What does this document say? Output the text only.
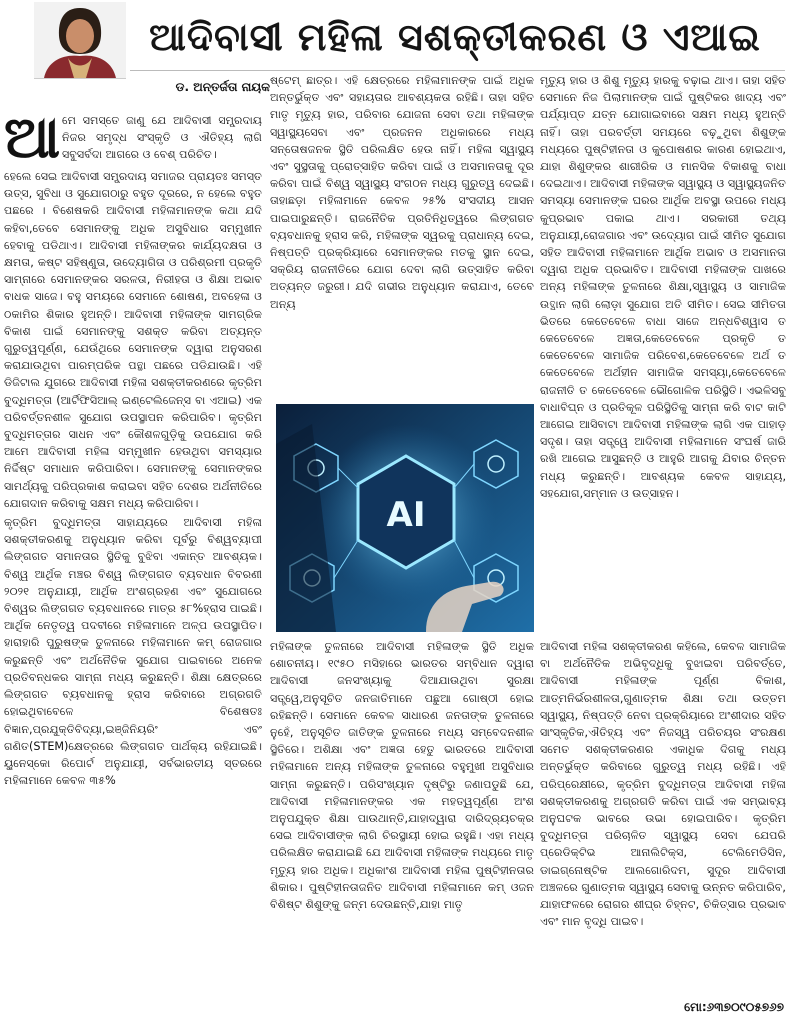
ଆଦିବାସୀ ମହିଳା ସଶକ୍ତୀକରଣ ଓ ଏଆଇ
ଡ. ଅନ୍ତର୍ଜତା ନାୟକ
ଆ ମେ ସମସ୍ତେ ଜାଣୁ ଯେ ଆଦିବାସୀ ସମ୍ପ୍ରଦାୟ ନିଜର ସମୃଦ୍ଧ ସଂସ୍କୃତି ଓ ଐତିହ୍ୟ ଲାଗି ସବୁସର୍ବଦା ଆଗରେ ଓ ବେଶ୍ ପରିଚିତ।

ହେଲେ ସେଇ ଆଦିବାସୀ ସମ୍ପ୍ରଦାୟ ସମାଜର ପ୍ରାୟତଃ ସମସ୍ତ ଉତ୍ସ, ସୁବିଧା ଓ ସୁଯୋଗଠାରୁ ବହୁତ ଦୂରରେ, ନ ହେଲେ ବହୁତ ପଛରେ । ବିଶେଷକରି ଆଦିବାସୀ ମହିଳାମାନଙ୍କ କଥା ଯଦି କହିବା,ତେବେ ସେମାନଙ୍କୁ ଅଧିକ ଅସୁବିଧାର ସମ୍ମୁଖୀନ ହେବାକୁ ପଡିଥାଏ। ଆଦିବାସୀ ମହିଳାଙ୍କର କାର୍ଯ୍ୟଦକ୍ଷତା ଓ କ୍ଷମତା, କଷ୍ଟ ସହିଷ୍ଣୁତା, ଉଦ୍ୟୋଗିତା ଓ ପରିଶ୍ରମୀ ପ୍ରକୃତି ସାମ୍ନାରେ ସେମାନଙ୍କର ସରଳତା, ନିରୀହତା ଓ ଶିକ୍ଷା ଅଭାବ ବାଧକ ସାଜେ। ବହୁ ସମୟରେ ସେମାନେ ଶୋଷଣ, ଅବହେଳା ଓ ଠକାମିର ଶିକାର ହୁଅନ୍ତି। ଆଦିବାସୀ ମହିଳାଙ୍କ ସାମଗ୍ରିକ ବିକାଶ ପାଇଁ ସେମାନଙ୍କୁ ସଶକ୍ତ କରିବା ଅତ୍ୟନ୍ତ ଗୁରୁତ୍ୱପୂର୍ଣ୍ଣ, ଯେଉଁଥିରେ ସେମାନଙ୍କ ଦ୍ୱାରା ଅନୁସରଣ କରାଯାଉଥିବା ପାରମ୍ପରିକ ପନ୍ଥା ପଛରେ ପଡିଯାଉଛି। ଏହି ଡିଜିଟାଲ ଯୁଗରେ ଆଦିବାସୀ ମହିଳା ସଶକ୍ତୀକରଣରେ କୃତ୍ରିମ ବୁଦ୍ଧିମତ୍ତା (ଆର୍ଟିଫିସିଆଲ୍ ଇଣ୍ଟେଲିଜେନ୍ସ ବା ଏଆଇ) ଏକ ପରିବର୍ତ୍ତନଶୀଳ ସୁଯୋଗ ଉପସ୍ଥାପନ କରିପାରିବ। କୃତ୍ରିମ ବୁଦ୍ଧିମତ୍ତାର ସାଧନ ଏବଂ କୌଶଳଗୁଡ଼ିକୁ ଉପଯୋଗ କରି ଆମେ ଆଦିବାସୀ ମହିଳା ସମ୍ମୁଖୀନ ହେଉଥିବା ସମସ୍ୟାର ନିର୍ଦ୍ଦିଷ୍ଟ ସମାଧାନ କରିପାରିବା। ସେମାନଙ୍କୁ ସେମାନଙ୍କର ସାମର୍ଥ୍ୟକୁ ପରିପ୍ରକାଶ କରାଇବା ସହିତ ଦେଶର ଅର୍ଥନୀତିରେ ଯୋଗଦାନ କରିବାକୁ ସକ୍ଷମ ମଧ୍ୟ କରିପାରିବା।

କୃତ୍ରିମ ବୁଦ୍ଧିମତ୍ତା ସାହାଯ୍ୟରେ ଆଦିବାସୀ ମହିଳା ସଶକ୍ତୀକରଣକୁ ଅନୁଧ୍ୟାନ କରିବା ପୂର୍ବରୁ ବିଶ୍ୱବ୍ୟାପୀ ଲିଙ୍ଗଗତ ସମାନତାର ସ୍ଥିତିକୁ ବୁଝିବା ଏକାନ୍ତ ଆବଶ୍ୟକ। ବିଶ୍ୱ ଆର୍ଥିକ ମଞ୍ଚର ବିଶ୍ୱ ଲିଙ୍ଗଗତ ବ୍ୟବଧାନ ବିବରଣୀ ୨୦୨୧ ଅନୁଯାୟୀ, ଆର୍ଥିକ ଅଂଶଗ୍ରହଣ ଏବଂ ସୁଯୋଗରେ ବିଶ୍ୱର ଲିଙ୍ଗଗତ ବ୍ୟବଧାନରେ ମାତ୍ର ୫୮%ହ୍ରାସ ପାଇଛି। ଆର୍ଥିକ ନେତୃତ୍ୱ ପଦବୀରେ ମହିଳାମାନେ ଅଳ୍ପ ଉପସ୍ଥାପିତ। ହାରାହାରି ପୁରୁଷଙ୍କ ତୁଳନାରେ ମହିଳାମାନେ କମ୍ ରୋଜଗାର କରୁଛନ୍ତି ଏବଂ ଅର୍ଥନୈତିକ ସୁଯୋଗ ପାଇବାରେ ଅନେକ ପ୍ରତିବନ୍ଧକର ସାମ୍ନା ମଧ୍ୟ କରୁଛନ୍ତି। ଶିକ୍ଷା କ୍ଷେତ୍ରରେ ଲିଙ୍ଗଗତ ବ୍ୟବଧାନକୁ ହ୍ରାସ କରିବାରେ ଅଗ୍ରଗତି ହୋଇଥିବାବେଳେ ବିଶେଷତଃ ବିଜ୍ଞାନ,ପ୍ରଯୁକ୍ତିବିଦ୍ୟା,ଇଞ୍ଜିନିୟରିଂ ଏବଂ ଗଣିତ(STEM)କ୍ଷେତ୍ରରେ ଲିଙ୍ଗଗତ ପାର୍ଥକ୍ୟ ରହିଯାଇଛି। ୟୁନେସ୍କୋ ରିପୋର୍ଟ ଅନୁଯାୟୀ, ସର୍ବଭାରତୀୟ ସ୍ତରରେ ମହିଳାମାନେ କେବଳ ୩୫%

ଷ୍ଟେମ୍ ଛାତ୍ର। ଏହି କ୍ଷେତ୍ରରେ ମହିଳାମାନଙ୍କ ପାଇଁ ଅଧିକ ଅନ୍ତର୍ଭୁକ୍ତ ଏବଂ ସହାୟତାର ଆବଶ୍ୟକତା ରହିଛି। ତାହା ସହିତ ମାତୃ ମୃତ୍ୟୁ ହାର, ପରିବାର ଯୋଜନା ସେବା ତଥା ମହିଳାଙ୍କ ସ୍ୱାସ୍ଥ୍ୟସେବା ଏବଂ ପ୍ରଜନନ ଅଧିକାରରେ ମଧ୍ୟ ସନ୍ତୋଷଜନକ ସ୍ଥିତି ପରିଲକ୍ଷିତ ହେଉ ନାହିଁ। ମହିଳା ସ୍ୱାସ୍ଥ୍ୟ ଏବଂ ସୁସ୍ଥତାକୁ ପ୍ରୋତ୍ସାହିତ କରିବା ପାଇଁ ଓ ଅସମାନତାକୁ ଦୂର କରିବା ପାଇଁ ବିଶ୍ୱ ସ୍ୱାସ୍ଥ୍ୟ ସଂଗଠନ ମଧ୍ୟ ଗୁରୁତ୍ୱ ଦେଇଛି। ତାହାଛଡ଼ା ମହିଳାମାନେ କେବଳ ୨୫% ସଂସଦୀୟ ଆସନ ପାଇପାରୁଛନ୍ତି। ରାଜନୈତିକ ପ୍ରତିନିଧିତ୍ୱରେ ଲିଙ୍ଗଗତ ବ୍ୟବଧାନକୁ ହ୍ରାସ କରି, ମହିଳାଙ୍କ ସ୍ୱରକୁ ପ୍ରାଧାନ୍ୟ ଦେଇ, ନିଷ୍ପତ୍ତି ପ୍ରକ୍ରିୟାରେ ସେମାନଙ୍କର ମତକୁ ସ୍ଥାନ ଦେଇ, ସକ୍ରିୟ ରାଜନୀତିରେ ଯୋଗ ଦେବା ଲାଗି ଉତ୍ସାହିତ କରିବା ଅତ୍ୟନ୍ତ ଜରୁରୀ। ଯଦି ଗଭୀର ଅନୁଧ୍ୟାନ କରାଯାଏ, ତେବେ ଅନ୍ୟ

AI

ମହିଳାଙ୍କ ତୁଳନାରେ ଆଦିବାସୀ ମହିଳାଙ୍କ ସ୍ଥିତି ଅଧିକ ଶୋଚନୀୟ। ୧୯୫୦ ମସିହାରେ ଭାରତର ସମ୍ବିଧାନ ଦ୍ୱାରା ଆଦିବାସୀ ଜନସଂଖ୍ୟାକୁ ଦିଆଯାଉଥିବା ସୁରକ୍ଷା ସତ୍ତ୍ୱେ,ଅନୁସୂଚିତ ଜନଜାତିମାନେ ପଛୁଆ ଗୋଷ୍ଠୀ ହୋଇ ରହିଛନ୍ତି। ସେମାନେ କେବଳ ସାଧାରଣ ଜନତାଙ୍କ ତୁଳନାରେ ନୁହେଁ, ଅନୁସୂଚିତ ଜାତିଙ୍କ ତୁଳନାରେ ମଧ୍ୟ ସମ୍ବେଦନଶୀଳ ସ୍ଥିତିରେ। ଅଶିକ୍ଷା ଏବଂ ଅଜ୍ଞତା ହେତୁ ଭାରତରେ ଆଦିବାସୀ ମହିଳାମାନେ ଅନ୍ୟ ମହିଳାଙ୍କ ତୁଳନାରେ ବହୁମୁଖୀ ଅସୁବିଧାର ସାମ୍ନା କରୁଛନ୍ତି। ପରିସଂଖ୍ୟାନ ଦୃଷ୍ଟିରୁ ଜଣାପଡୁଛି ଯେ, ଆଦିବାସୀ ମହିଳାମାନଙ୍କର ଏକ ମହତ୍ୱପୂର୍ଣ୍ଣ ଅଂଶ ଅନୁପଯୁକ୍ତ ଶିକ୍ଷା ପାଉଥାନ୍ତି,ଯାହାଦ୍ୱାରା ଦାରିଦ୍ର୍ୟଚକ୍ର ସେଇ ଆଦିବାସୀଙ୍କ ଲାଗି ଚିରସ୍ଥାୟୀ ହୋଇ ରହୁଛି। ଏହା ମଧ୍ୟ ପରିଲକ୍ଷିତ କରାଯାଇଛି ଯେ ଆଦିବାସୀ ମହିଳାଙ୍କ ମଧ୍ୟରେ ମାତୃ ମୃତ୍ୟୁ ହାର ଅଧିକ। ଅଧିକାଂଶ ଆଦିବାସୀ ମହିଳା ପୁଷ୍ଟିହୀନତାର ଶିକାର। ପୁଷ୍ଟିହୀନତାଜନିତ ଆଦିବାସୀ ମହିଳାମାନେ କମ୍ ଓଜନ ବିଶିଷ୍ଟ ଶିଶୁଙ୍କୁ ଜନ୍ମ ଦେଉଛନ୍ତି,ଯାହା ମାତୃ

ମୃତ୍ୟୁ ହାର ଓ ଶିଶୁ ମୃତ୍ୟୁ ହାରକୁ ବଢ଼ାଇ ଥାଏ। ତାହା ସହିତ ସେମାନେ ନିଜ ପିଲାମାନଙ୍କ ପାଇଁ ପୁଷ୍ଟିକର ଖାଦ୍ୟ ଏବଂ ପର୍ଯ୍ୟାପ୍ତ ଯତ୍ନ ଯୋଗାଇବାରେ ସକ୍ଷମ ମଧ୍ୟ ହୁଅନ୍ତି ନାହିଁ। ତାହା ପରବର୍ତ୍ତୀ ସମୟରେ ବଢ଼ୁଥିବା ଶିଶୁଙ୍କ ମଧ୍ୟରେ ପୁଷ୍ଟିହୀନତା ଓ କୁପୋଷଣର କାରଣ ହୋଇଥାଏ, ଯାହା ଶିଶୁଙ୍କର ଶାରୀରିକ ଓ ମାନସିକ ବିକାଶକୁ ବାଧା ଦେଇଥାଏ। ଆଦିବାସୀ ମହିଳାଙ୍କ ସ୍ୱାସ୍ଥ୍ୟ ଓ ସ୍ୱାସ୍ଥ୍ୟଜନିତ ସମସ୍ୟା ସେମାନଙ୍କ ଘରର ଆର୍ଥିକ ଅବସ୍ଥା ଉପରେ ମଧ୍ୟ କୁପ୍ରଭାବ ପକାଇ ଥାଏ। ସରକାରୀ ତଥ୍ୟ ଅନୁଯାୟୀ,ରୋଜଗାର ଏବଂ ଉଦ୍ୟୋଗ ପାଇଁ ସୀମିତ ସୁଯୋଗ ସହିତ ଆଦିବାସୀ ମହିଳାମାନେ ଆର୍ଥିକ ଅଭାବ ଓ ଅସମାନତା ଦ୍ୱାରା ଅଧିକ ପ୍ରଭାବିତ। ଆଦିବାସୀ ମହିଳାଙ୍କ ପାଖରେ ଅନ୍ୟ ମହିଳାଙ୍କ ତୁଳନାରେ ଶିକ୍ଷା,ସ୍ୱାସ୍ଥ୍ୟ ଓ ସାମାଜିକ ଉତ୍ଥାନ ଲାଗି ଲୋଡ଼ା ସୁଯୋଗ ଅତି ସୀମିତ। ସେଇ ସୀମିତତା ଭିତରେ କେତେବେଳେ ବାଧା ସାଜେ ଅନ୍ଧବିଶ୍ୱାସ ତ କେତେବେଳେ ଅଜ୍ଞତା,କେତେବେଳେ ପ୍ରକୃତି ତ କେତେବେଳେ ସାମାଜିକ ପରିବେଶ,କେତେବେଳେ ଅର୍ଥ ତ କେତେବେଳେ ଅର୍ଥହୀନ ସାମାଜିକ ସମସ୍ୟା,କେତେବେଳେ ରାଜନୀତି ତ କେତେବେଳେ ଭୌଗୋଳିକ ପରିସ୍ଥିତି। ଏଭଳିସବୁ ବାଧାବିଘ୍ନ ଓ ପ୍ରତିକୂଳ ପରିସ୍ଥିତିକୁ ସାମ୍ନା କରି ବାଟ କାଟି ଆଗେଇ ଆସିବାଟା ଆଦିବାସୀ ମହିଳାଙ୍କ ଲାଗି ଏକ ପାହାଡ଼ ସଦୃଶ। ତାହା ସତ୍ତ୍ୱେ ଆଦିବାସୀ ମହିଳାମାନେ ସଂଘର୍ଷ ଜାରି ରଖି ଆଗେଇ ଆସୁଛନ୍ତି ଓ ଆହୁରି ଆଗକୁ ଯିବାର ଚିନ୍ତନ ମଧ୍ୟ କରୁଛନ୍ତି। ଆବଶ୍ୟକ କେବଳ ସାହାଯ୍ୟ, ସହଯୋଗ,ସମ୍ମାନ ଓ ଉତ୍ସାହନ।

ଆଦିବାସୀ ମହିଳା ସଶକ୍ତୀକରଣ କହିଲେ, କେବଳ ସାମାଜିକ ବା ଅର୍ଥନୈତିକ ଅଭିବୃଦ୍ଧିକୁ ବୁଝାଇବା ପରିବର୍ତ୍ତେ, ଆଦିବାସୀ ମହିଳାଙ୍କ ପୂର୍ଣ୍ଣ ବିକାଶ, ଆତ୍ମନିର୍ଭରଶୀଳତା,ଗୁଣାତ୍ମକ ଶିକ୍ଷା ତଥା ଉତ୍ତମ ସ୍ୱାସ୍ଥ୍ୟ, ନିଷ୍ପତ୍ତି ନେବା ପ୍ରକ୍ରିୟାରେ ଅଂଶୀଦାର ସହିତ ସାଂସ୍କୃତିକ,ଐତିହ୍ୟ ଏବଂ ନିଜସ୍ୱ ପରିଚୟର ସଂରକ୍ଷଣ ସମେତ ସଶକ୍ତୀକରଣର ଏକାଧିକ ଦିଗକୁ ମଧ୍ୟ ଅନ୍ତର୍ଭୁକ୍ତ କରିବାରେ ଗୁରୁତ୍ୱ ମଧ୍ୟ ରହିଛି। ଏହି ପରିପ୍ରେକ୍ଷୀରେ, କୃତ୍ରିମ ବୁଦ୍ଧିମତ୍ତା ଆଦିବାସୀ ମହିଳା ସଶକ୍ତୀକରଣକୁ ଅଗ୍ରଗତି କରିବା ପାଇଁ ଏକ ସମ୍ଭାବ୍ୟ ଅନୁଘଟକ ଭାବରେ ଉଭା ହୋଇପାରିବ। କୃତ୍ରିମ ବୁଦ୍ଧିମତ୍ତା ପରିଚାଳିତ ସ୍ୱାସ୍ଥ୍ୟ ସେବା ଯେପରି ପ୍ରେଡିକ୍ଟିଭ ଆନାଲିଟିକ୍ସ, ଟେଲିମେଡିସିନ, ଡାଇଗ୍ନୋଷ୍ଟିକ ଆଲଗୋରିଦମ, ସୁଦୂର ଆଦିବାସୀ ଅଞ୍ଚଳରେ ଗୁଣାତ୍ମକ ସ୍ୱାସ୍ଥ୍ୟ ସେବାକୁ ଉନ୍ନତ କରିପାରିବ, ଯାହାଫଳରେ ରୋଗର ଶୀଘ୍ର ଚିହ୍ନଟ, ଚିକିତ୍ସାର ପ୍ରଭାବ ଏବଂ ମାନ ବୃଦ୍ଧି ପାଇବ।

ମୋ:୬୩୭୦୯୦୫୭୬୭
